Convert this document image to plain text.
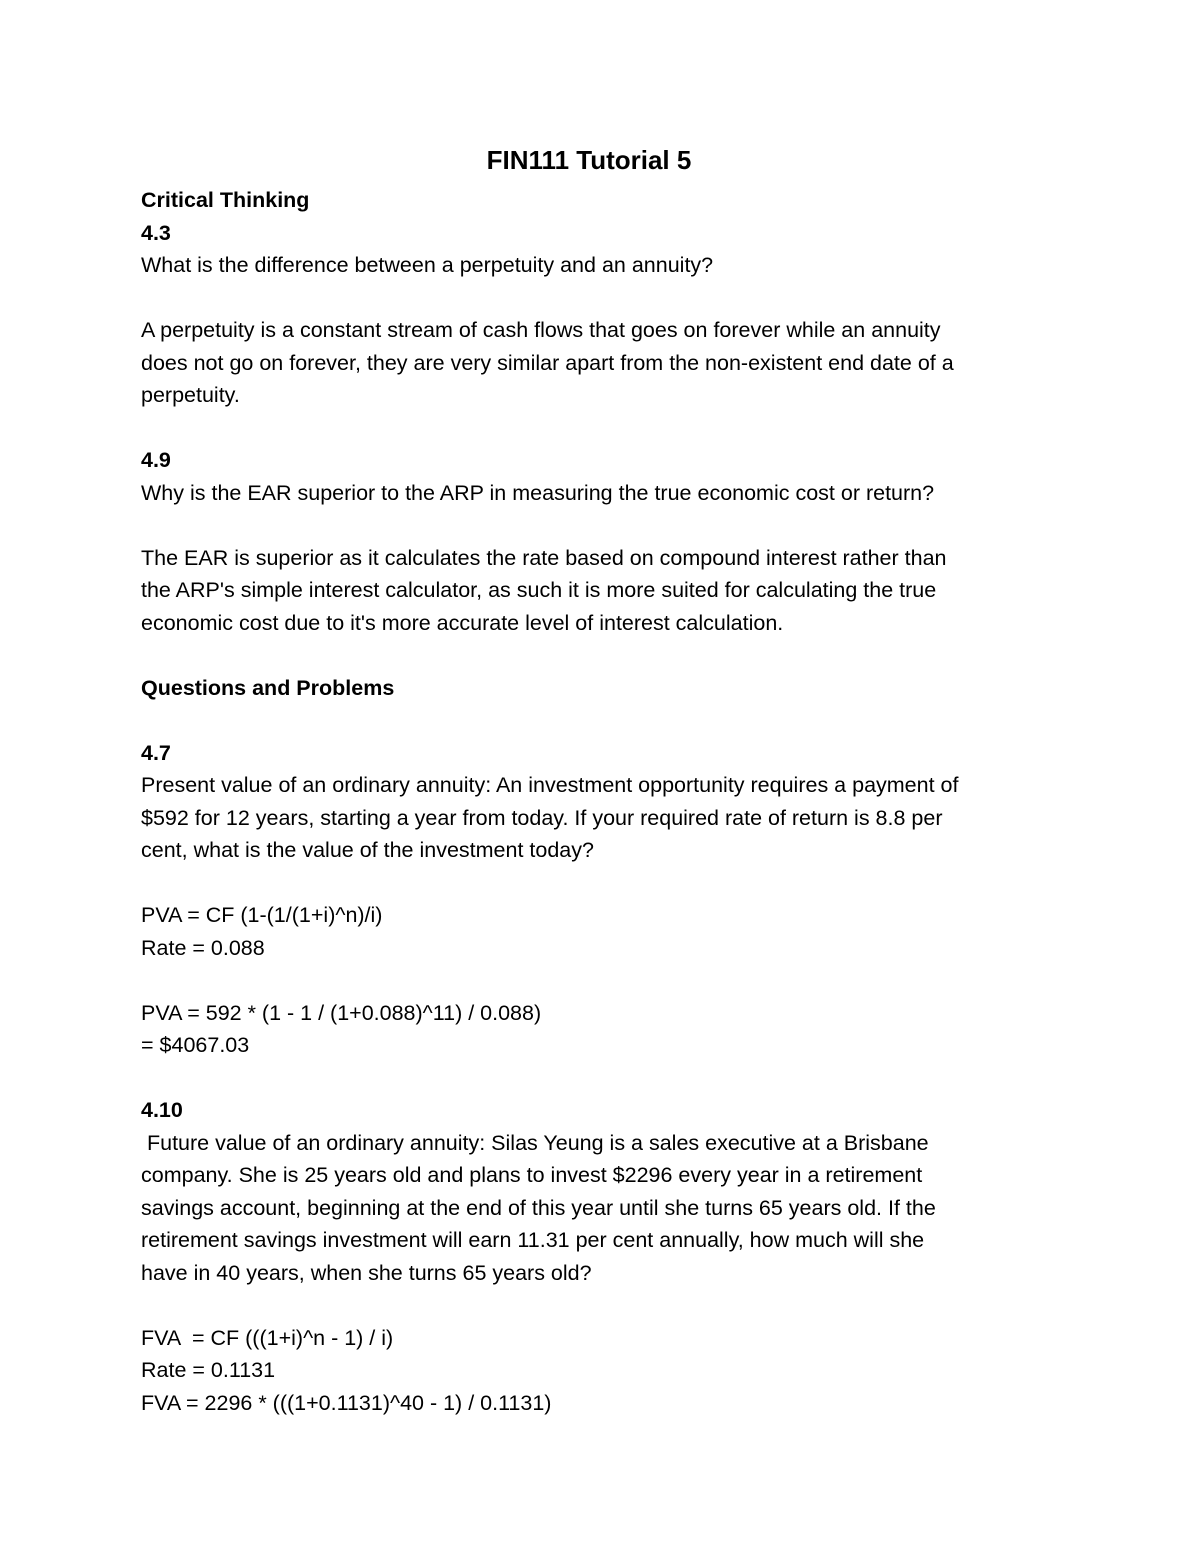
FIN111 Tutorial 5

Critical Thinking

4.3

What is the difference between a perpetuity and an annuity?

A perpetuity is a constant stream of cash flows that goes on forever while an annuity

does not go on forever, they are very similar apart from the non-existent end date of a

perpetuity.

4.9

Why is the EAR superior to the ARP in measuring the true economic cost or return?

The EAR is superior as it calculates the rate based on compound interest rather than

the ARP's simple interest calculator, as such it is more suited for calculating the true

economic cost due to it's more accurate level of interest calculation.

Questions and Problems

4.7

Present value of an ordinary annuity: An investment opportunity requires a payment of

$592 for 12 years, starting a year from today. If your required rate of return is 8.8 per

cent, what is the value of the investment today?

PVA = CF (1-(1/(1+i)^n)/i)

Rate = 0.088

PVA = 592 * (1 - 1 / (1+0.088)^11) / 0.088)

= $4067.03

4.10

Future value of an ordinary annuity: Silas Yeung is a sales executive at a Brisbane

company. She is 25 years old and plans to invest $2296 every year in a retirement

savings account, beginning at the end of this year until she turns 65 years old. If the

retirement savings investment will earn 11.31 per cent annually, how much will she

have in 40 years, when she turns 65 years old?

FVA  = CF (((1+i)^n - 1) / i)

Rate = 0.1131

FVA = 2296 * (((1+0.1131)^40 - 1) / 0.1131)
